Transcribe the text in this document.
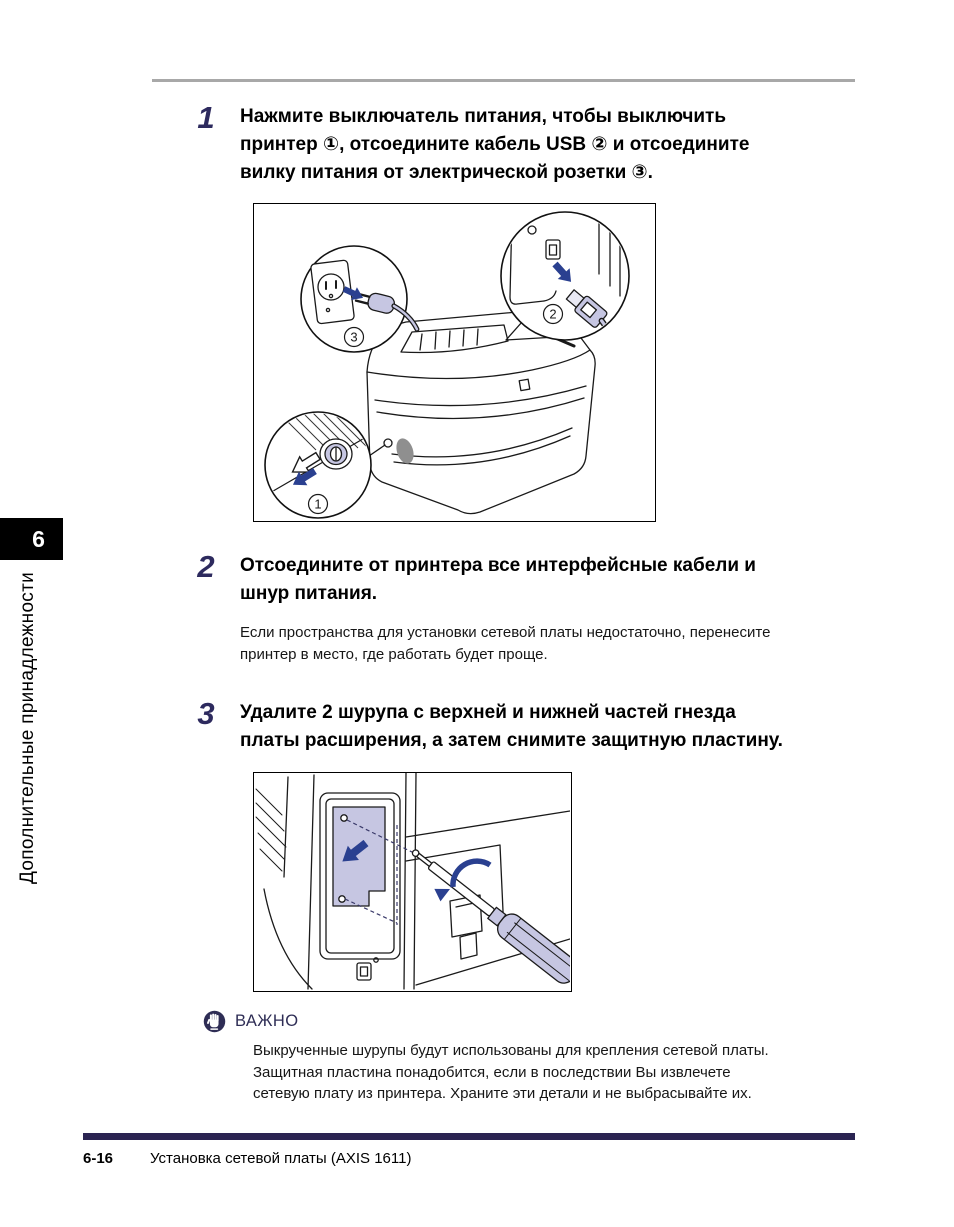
1	Нажмите выключатель питания, чтобы выключить
принтер ①, отсоедините кабель USB ② и отсоедините
вилку питания от электрической розетки ③.
3
2
1
2	Отсоедините от принтера все интерфейсные кабели и
шнур питания.
Если пространства для установки сетевой платы недостаточно, перенесите
принтер в место, где работать будет проще.
3	Удалите 2 шурупа с верхней и нижней частей гнезда
платы расширения, а затем снимите защитную пластину.
ВАЖНО
Выкрученные шурупы будут использованы для крепления сетевой платы.
Защитная пластина понадобится, если в последствии Вы извлечете
сетевую плату из принтера. Храните эти детали и не выбрасывайте их.
6-16 Установка сетевой платы (AXIS 1611)
6
Дополнительные принадлежности
